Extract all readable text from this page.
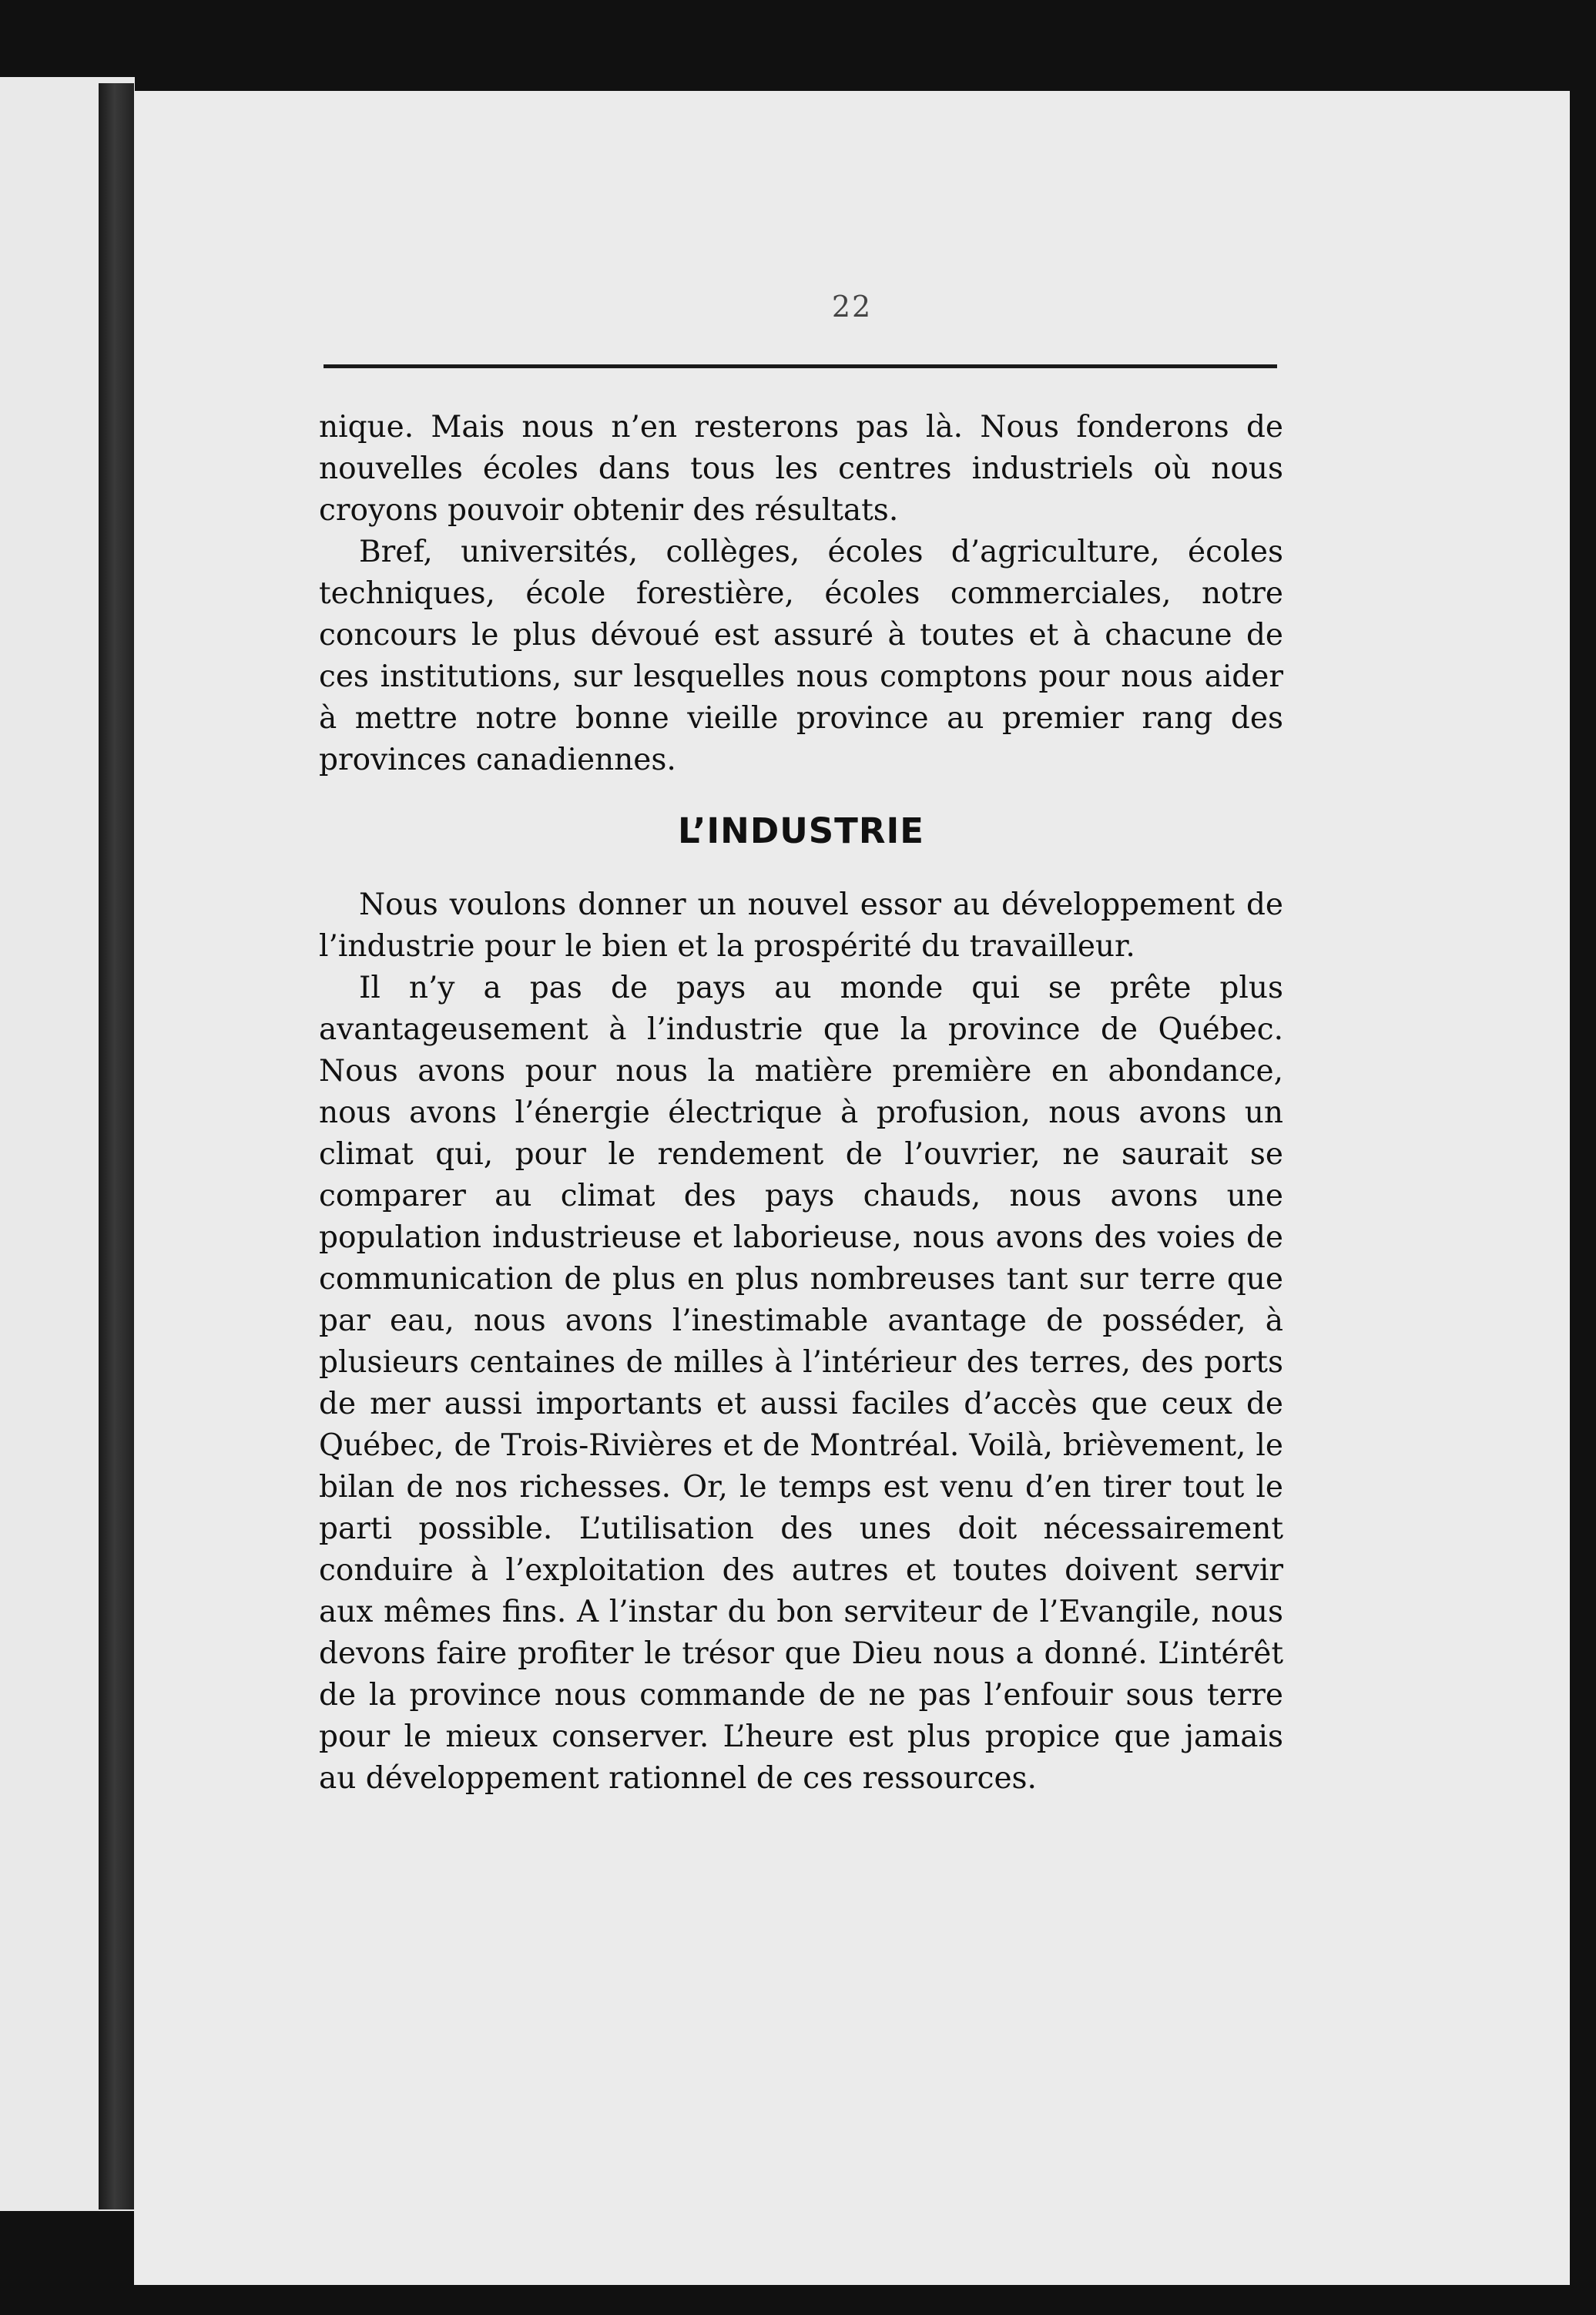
22

nique. Mais nous n’en resterons pas là. Nous fonderons de nouvelles écoles dans tous les centres industriels où nous croyons pouvoir obtenir des résultats.

Bref, universités, collèges, écoles d’agriculture, écoles techniques, école forestière, écoles commerciales, notre concours le plus dévoué est assuré à toutes et à chacune de ces institutions, sur lesquelles nous comptons pour nous aider à mettre notre bonne vieille province au premier rang des provinces canadiennes.

L’INDUSTRIE

Nous voulons donner un nouvel essor au développement de l’industrie pour le bien et la prospérité du travailleur.

Il n’y a pas de pays au monde qui se prête plus avantageusement à l’industrie que la province de Québec. Nous avons pour nous la matière première en abondance, nous avons l’énergie électrique à profusion, nous avons un climat qui, pour le rendement de l’ouvrier, ne saurait se comparer au climat des pays chauds, nous avons une population industrieuse et laborieuse, nous avons des voies de communication de plus en plus nombreuses tant sur terre que par eau, nous avons l’inestimable avantage de posséder, à plusieurs centaines de milles à l’intérieur des terres, des ports de mer aussi importants et aussi faciles d’accès que ceux de Québec, de Trois-Rivières et de Montréal. Voilà, brièvement, le bilan de nos richesses. Or, le temps est venu d’en tirer tout le parti possible. L’utilisation des unes doit nécessairement conduire à l’exploitation des autres et toutes doivent servir aux mêmes fins. A l’instar du bon serviteur de l’Evangile, nous devons faire profiter le trésor que Dieu nous a donné. L’intérêt de la province nous commande de ne pas l’enfouir sous terre pour le mieux conserver. L’heure est plus propice que jamais au développement rationnel de ces ressources.
